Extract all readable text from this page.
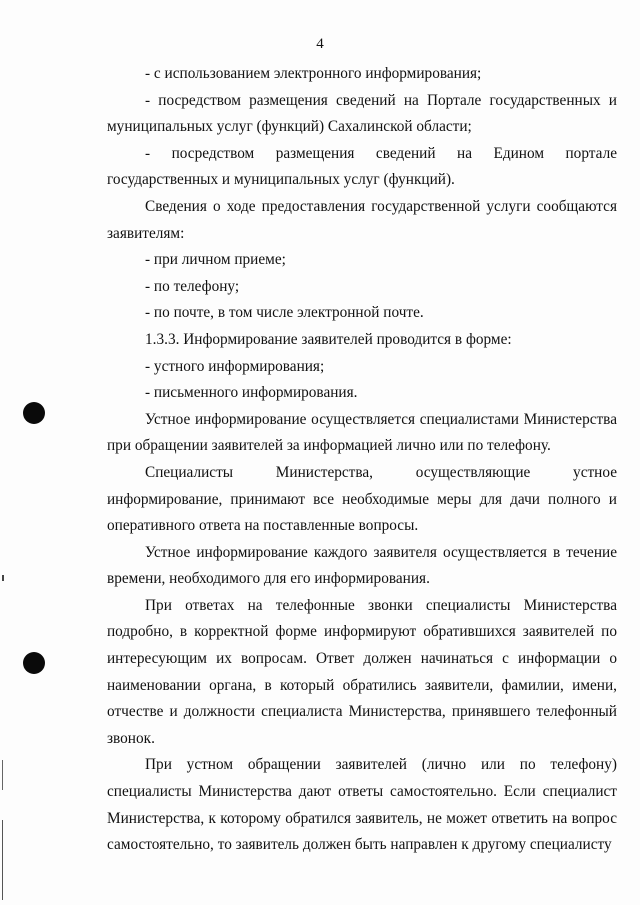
4

- с использованием электронного информирования;

- посредством размещения сведений на Портале государственных и муниципальных услуг (функций) Сахалинской области;

- посредством размещения сведений на Едином портале государственных и муниципальных услуг (функций).

Сведения о ходе предоставления государственной услуги сообщаются заявителям:

- при личном приеме;

- по телефону;

- по почте, в том числе электронной почте.

1.3.3. Информирование заявителей проводится в форме:

- устного информирования;

- письменного информирования.

Устное информирование осуществляется специалистами Министерства при обращении заявителей за информацией лично или по телефону.

Специалисты Министерства, осуществляющие устное информирование, принимают все необходимые меры для дачи полного и оперативного ответа на поставленные вопросы.

Устное информирование каждого заявителя осуществляется в течение времени, необходимого для его информирования.

При ответах на телефонные звонки специалисты Министерства подробно, в корректной форме информируют обратившихся заявителей по интересующим их вопросам. Ответ должен начинаться с информации о наименовании органа, в который обратились заявители, фамилии, имени, отчестве и должности специалиста Министерства, принявшего телефонный звонок.

При устном обращении заявителей (лично или по телефону) специалисты Министерства дают ответы самостоятельно. Если специалист Министерства, к которому обратился заявитель, не может ответить на вопрос самостоятельно, то заявитель должен быть направлен к другому специалисту
